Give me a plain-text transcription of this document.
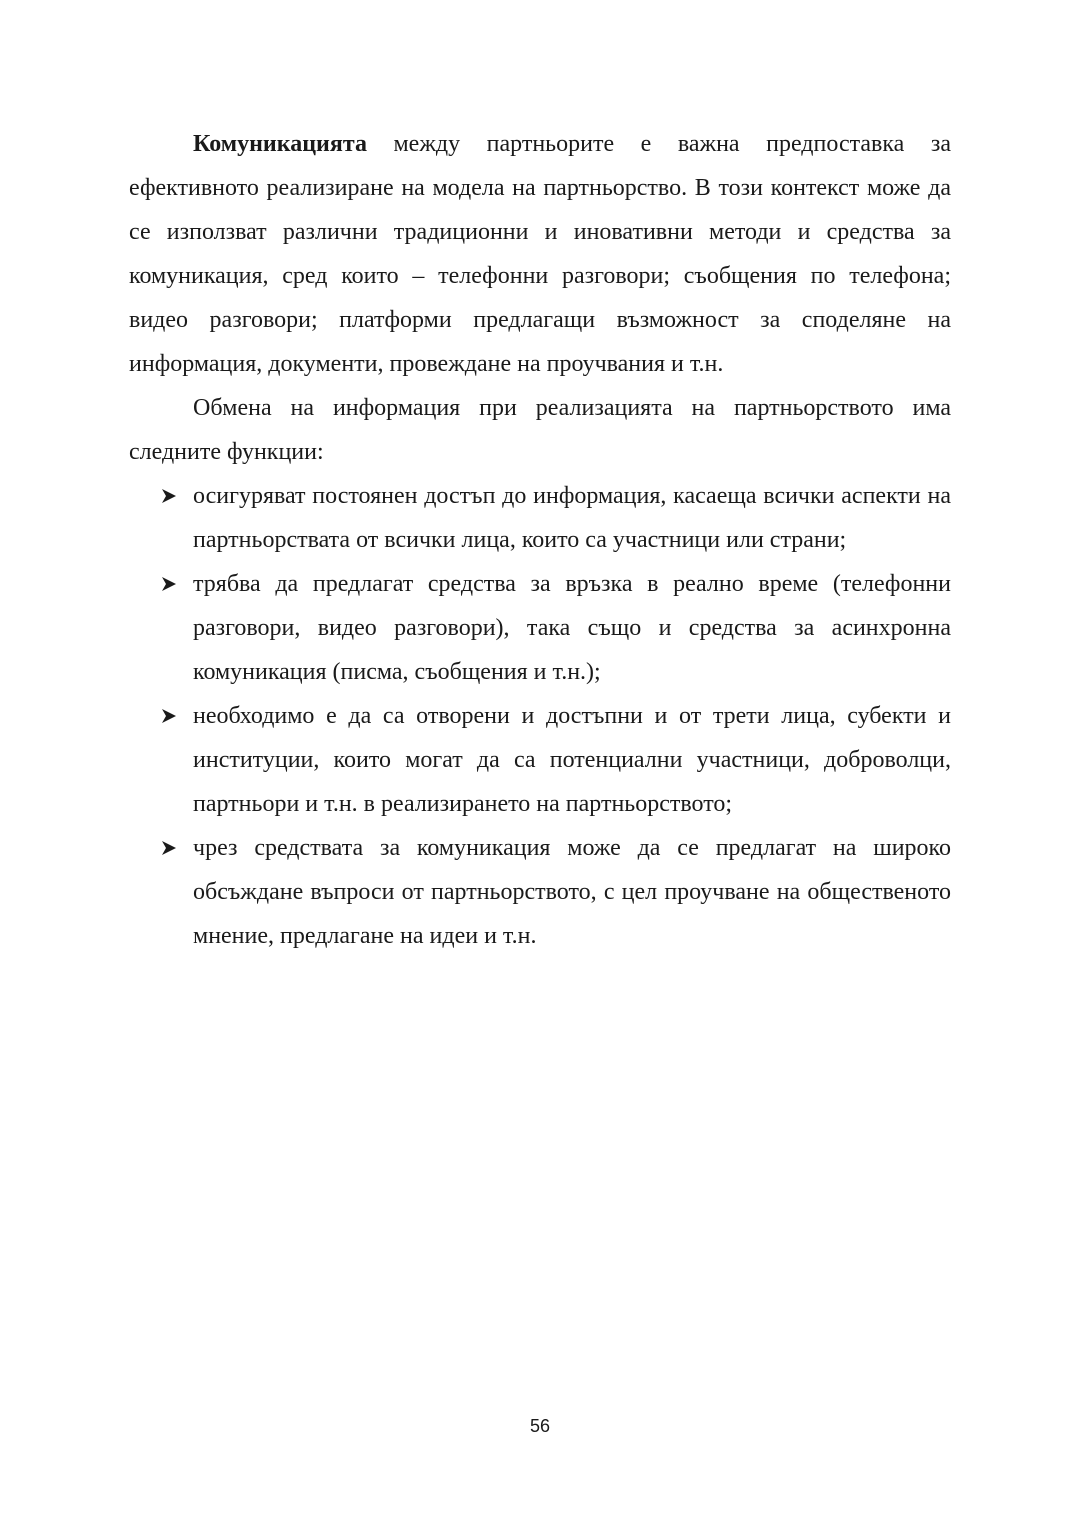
Комуникацията между партньорите е важна предпоставка за ефективното реализиране на модела на партньорство. В този контекст може да се използват различни традиционни и иновативни методи и средства за комуникация, сред които – телефонни разговори; съобщения по телефона; видео разговори; платформи предлагащи възможност за споделяне на информация, документи, провеждане на проучвания и т.н.

Обмена на информация при реализацията на партньорството има следните функции:

осигуряват постоянен достъп до информация, касаеща всички аспекти на партньорствата от всички лица, които са участници или страни;
трябва да предлагат средства за връзка в реално време (телефонни разговори, видео разговори), така също и средства за асинхронна комуникация (писма, съобщения и т.н.);
необходимо е да са отворени и достъпни и от трети лица, субекти и институции, които могат да са потенциални участници, доброволци, партньори и т.н. в реализирането на партньорството;
чрез средствата за комуникация може да се предлагат на широко обсъждане въпроси от партньорството, с цел проучване на общественото мнение, предлагане на идеи и т.н.
56
